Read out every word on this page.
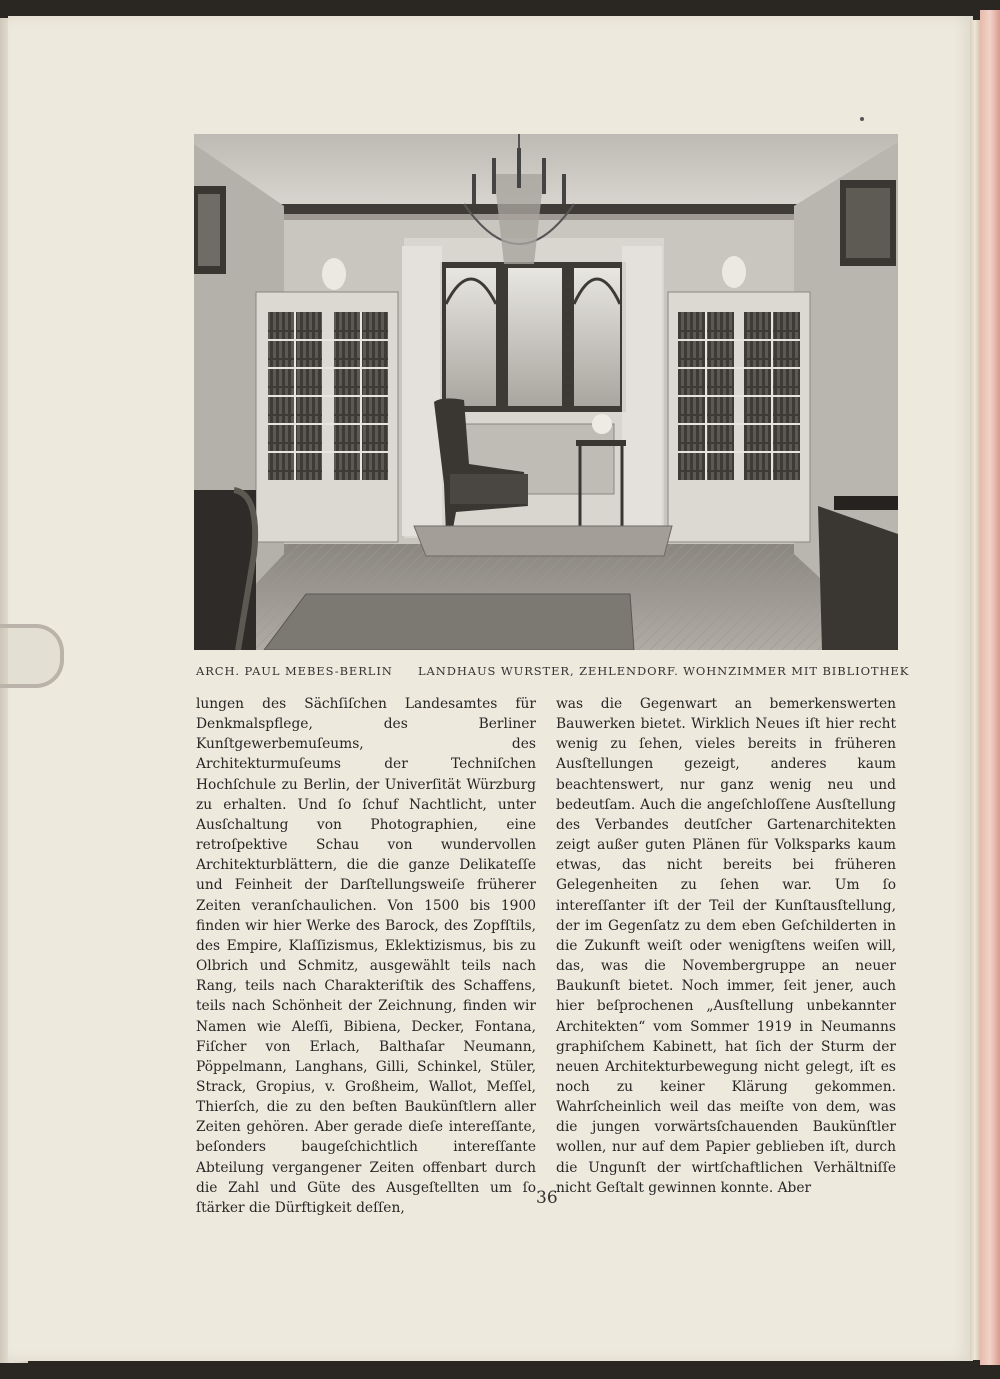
ARCH. PAUL MEBES-BERLIN LANDHAUS WURSTER, ZEHLENDORF. WOHNZIMMER MIT BIBLIOTHEK

lungen des Sächſiſchen Landesamtes für Denkmalspflege, des Berliner Kunſtgewerbemuſeums, des Architekturmuſeums der Techniſchen Hochſchule zu Berlin, der Univerſität Würzburg zu erhalten. Und ſo ſchuf Nachtlicht, unter Ausſchaltung von Photographien, eine retroſpektive Schau von wundervollen Architekturblättern, die die ganze Delikateſſe und Feinheit der Darſtellungsweiſe früherer Zeiten veranſchaulichen. Von 1500 bis 1900 finden wir hier Werke des Barock, des Zopfſtils, des Empire, Klaſſizismus, Eklektizismus, bis zu Olbrich und Schmitz, ausgewählt teils nach Rang, teils nach Charakteriſtik des Schaffens, teils nach Schönheit der Zeichnung, finden wir Namen wie Aleſſi, Bibiena, Decker, Fontana, Fiſcher von Erlach, Balthaſar Neumann, Pöppelmann, Langhans, Gilli, Schinkel, Stüler, Strack, Gropius, v. Großheim, Wallot, Meſſel, Thierſch, die zu den beſten Baukünſtlern aller Zeiten gehören. Aber gerade dieſe intereſſante, beſonders baugeſchichtlich intereſſante Abteilung vergangener Zeiten offenbart durch die Zahl und Güte des Ausgeſtellten um ſo ſtärker die Dürftigkeit deſſen,

was die Gegenwart an bemerkenswerten Bauwerken bietet. Wirklich Neues iſt hier recht wenig zu ſehen, vieles bereits in früheren Ausſtellungen gezeigt, anderes kaum beachtenswert, nur ganz wenig neu und bedeutſam. Auch die angeſchloſſene Ausſtellung des Verbandes deutſcher Gartenarchitekten zeigt außer guten Plänen für Volksparks kaum etwas, das nicht bereits bei früheren Gelegenheiten zu ſehen war. Um ſo intereſſanter iſt der Teil der Kunſtausſtellung, der im Gegenſatz zu dem eben Geſchilderten in die Zukunft weiſt oder wenigſtens weiſen will, das, was die Novembergruppe an neuer Baukunſt bietet. Noch immer, ſeit jener, auch hier beſprochenen „Ausſtellung unbekannter Architekten“ vom Sommer 1919 in Neumanns graphiſchem Kabinett, hat ſich der Sturm der neuen Architekturbewegung nicht gelegt, iſt es noch zu keiner Klärung gekommen. Wahrſcheinlich weil das meiſte von dem, was die jungen vorwärtsſchauenden Baukünſtler wollen, nur auf dem Papier geblieben iſt, durch die Ungunſt der wirtſchaftlichen Verhältniſſe nicht Geſtalt gewinnen konnte. Aber

36
